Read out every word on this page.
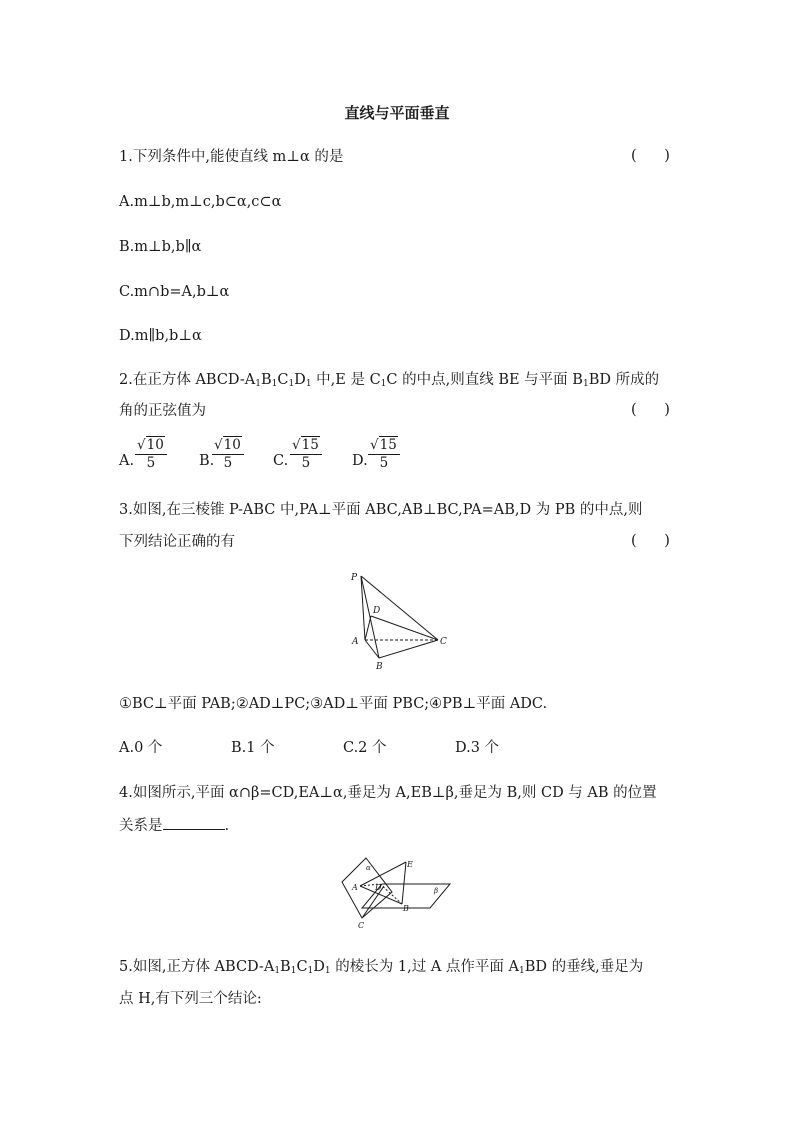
直线与平面垂直
1.下列条件中,能使直线 m⊥α 的是	(      )
A.m⊥b,m⊥c,b⊂α,c⊂α
B.m⊥b,b∥α
C.m∩b=A,b⊥α
D.m∥b,b⊥α
2.在正方体 ABCD-$A_1B_1C_1D_1$ 中,E 是 $C_1C$ 的中点,则直线 BE 与平面 $B_1BD$ 所成的
角的正弦值为	(      )
A. $\frac{√10}{5} B$.
$\frac{√10}{5} C$. $\frac{√15}{5} D$. $\frac{√15}{5}$
3.如图,在三棱锥 P-ABC 中,PA⊥平面 ABC,AB⊥BC,PA=AB,D 为 PB 的中点,则
下列结论正确的有	(      )
P
D
A
B
C
①BC⊥平面 PAB;②AD⊥PC;③AD⊥平面 PBC;④PB⊥平面 ADC.
A.0 个	B.1 个	C.2 个	D.3 个
4.如图所示,平面 α∩β=CD,EA⊥α,垂足为 A,EB⊥β,垂足为 B,则 CD 与 AB 的位置
关系是	.
α
β
E
A D
B
C
5.如图,正方体 ABCD-$A_1B_1C_1D_1$ 的棱长为 1,过 A 点作平面 $A_1BD$ 的垂线,垂足为
点 H,有下列三个结论:
